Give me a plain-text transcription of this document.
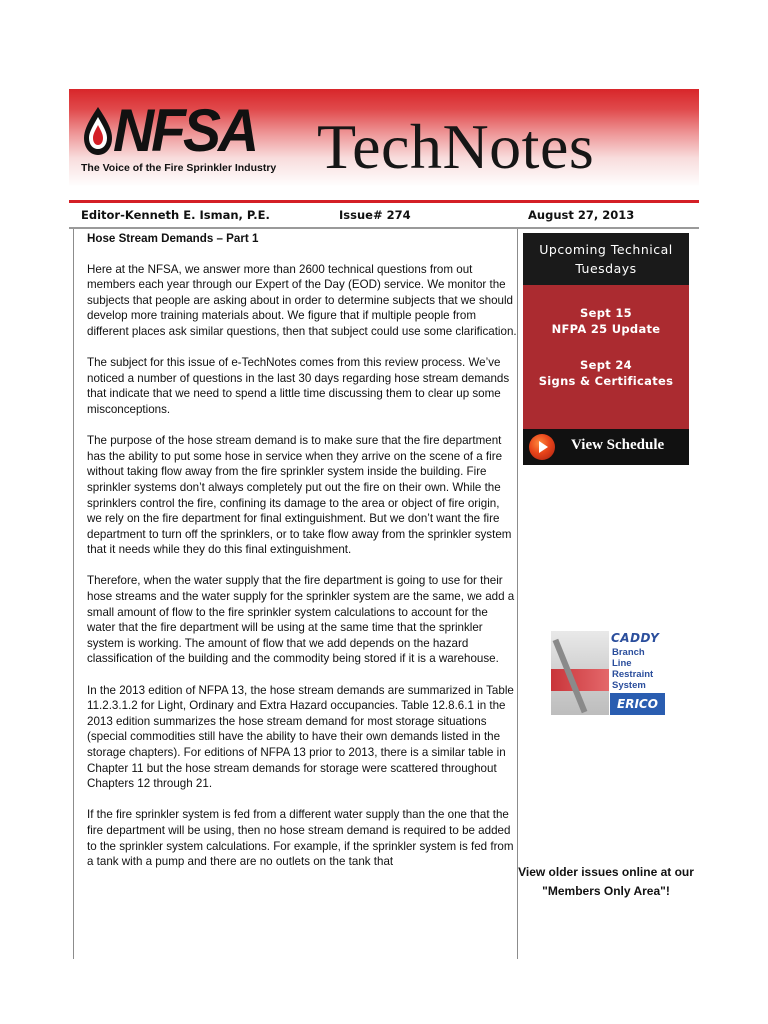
NFSA
The Voice of the Fire Sprinkler Industry TechNotes
Editor-Kenneth E. Isman, P.E.	Issue# 274	August 27, 2013
Hose Stream Demands – Part 1

Here at the NFSA, we answer more than 2600 technical questions from out members each year through our Expert of the Day (EOD) service. We monitor the subjects that people are asking about in order to determine subjects that we should develop more training materials about. We figure that if multiple people from different places ask similar questions, then that subject could use some clarification.

The subject for this issue of e-TechNotes comes from this review process. We’ve noticed a number of questions in the last 30 days regarding hose stream demands that indicate that we need to spend a little time discussing them to clear up some misconceptions.

The purpose of the hose stream demand is to make sure that the fire department has the ability to put some hose in service when they arrive on the scene of a fire without taking flow away from the fire sprinkler system inside the building. Fire sprinkler systems don’t always completely put out the fire on their own. While the sprinklers control the fire, confining its damage to the area or object of fire origin, we rely on the fire department for final extinguishment. But we don’t want the fire department to turn off the sprinklers, or to take flow away from the sprinkler system that it needs while they do this final extinguishment.

Therefore, when the water supply that the fire department is going to use for their hose streams and the water supply for the sprinkler system are the same, we add a small amount of flow to the fire sprinkler system calculations to account for the water that the fire department will be using at the same time that the sprinkler system is working. The amount of flow that we add depends on the hazard classification of the building and the commodity being stored if it is a warehouse.

In the 2013 edition of NFPA 13, the hose stream demands are summarized in Table 11.2.3.1.2 for Light, Ordinary and Extra Hazard occupancies. Table 12.8.6.1 in the 2013 edition summarizes the hose stream demand for most storage situations (special commodities still have the ability to have their own demands listed in the storage chapters). For editions of NFPA 13 prior to 2013, there is a similar table in Chapter 11 but the hose stream demands for storage were scattered throughout Chapters 12 through 21.

If the fire sprinkler system is fed from a different water supply than the one that the fire department will be using, then no hose stream demand is required to be added to the sprinkler system calculations. For example, if the sprinkler system is fed from a tank with a pump and there are no outlets on the tank that

Upcoming Technical Tuesdays
Sept 15
NFPA 25 Update
Sept 24
Signs & Certificates
View Schedule
CADDY
Branch Line
Restraint
System
ERICO
View older issues online at our "Members Only Area"!
